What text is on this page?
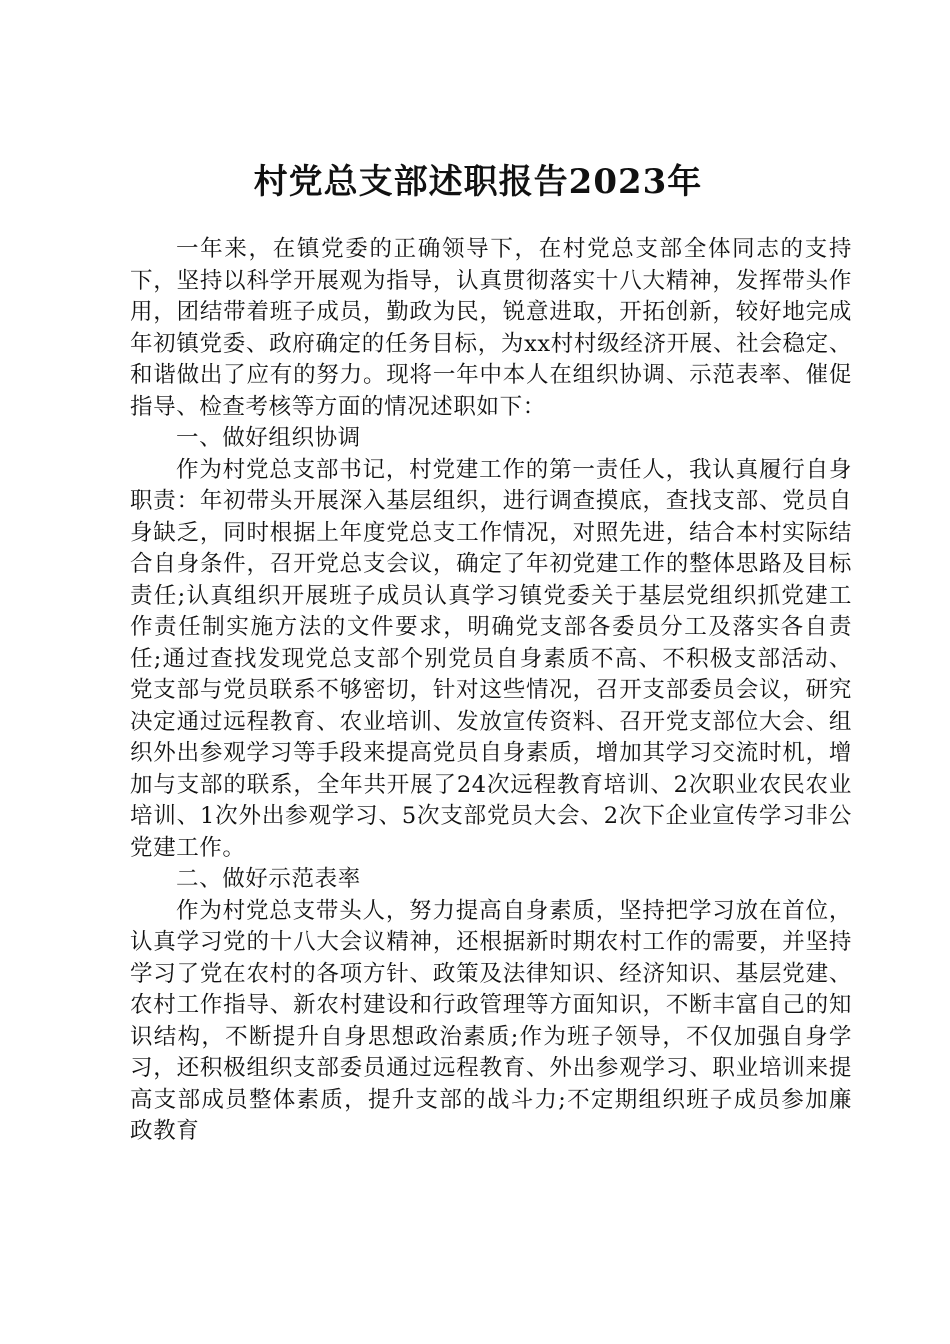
村党总支部述职报告2023年

一年来，在镇党委的正确领导下，在村党总支部全体同志的支持下，坚持以科学开展观为指导，认真贯彻落实十八大精神，发挥带头作用，团结带着班子成员，勤政为民，锐意进取，开拓创新，较好地完成年初镇党委、政府确定的任务目标，为xx村村级经济开展、社会稳定、和谐做出了应有的努力。现将一年中本人在组织协调、示范表率、催促指导、检查考核等方面的情况述职如下：

一、做好组织协调

作为村党总支部书记，村党建工作的第一责任人，我认真履行自身职责：年初带头开展深入基层组织，进行调查摸底，查找支部、党员自身缺乏，同时根据上年度党总支工作情况，对照先进，结合本村实际结合自身条件，召开党总支会议，确定了年初党建工作的整体思路及目标责任;认真组织开展班子成员认真学习镇党委关于基层党组织抓党建工作责任制实施方法的文件要求，明确党支部各委员分工及落实各自责任;通过查找发现党总支部个别党员自身素质不高、不积极支部活动、党支部与党员联系不够密切，针对这些情况，召开支部委员会议，研究决定通过远程教育、农业培训、发放宣传资料、召开党支部位大会、组织外出参观学习等手段来提高党员自身素质，增加其学习交流时机，增加与支部的联系，全年共开展了24次远程教育培训、2次职业农民农业培训、1次外出参观学习、5次支部党员大会、2次下企业宣传学习非公党建工作。

二、做好示范表率

作为村党总支带头人，努力提高自身素质，坚持把学习放在首位，认真学习党的十八大会议精神，还根据新时期农村工作的需要，并坚持学习了党在农村的各项方针、政策及法律知识、经济知识、基层党建、农村工作指导、新农村建设和行政管理等方面知识，不断丰富自己的知识结构，不断提升自身思想政治素质;作为班子领导，不仅加强自身学习，还积极组织支部委员通过远程教育、外出参观学习、职业培训来提高支部成员整体素质，提升支部的战斗力;不定期组织班子成员参加廉政教育
